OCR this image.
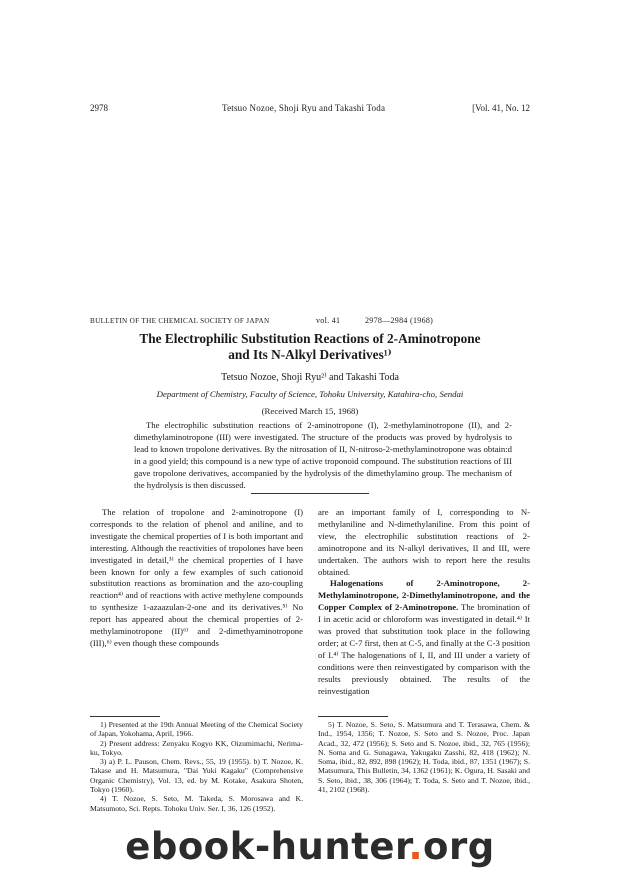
2978	Tetsuo Nozoe, Shoji Ryu and Takashi Toda	[Vol. 41, No. 12
BULLETIN OF THE CHEMICAL SOCIETY OF JAPAN	vol. 41	2978—2984 (1968)
The Electrophilic Substitution Reactions of 2-Aminotropone
and Its N-Alkyl Derivatives¹⁾
Tetsuo Nozoe, Shoji Ryu²⁾ and Takashi Toda
Department of Chemistry, Faculty of Science, Tohoku University, Katahira-cho, Sendai
(Received March 15, 1968)

The electrophilic substitution reactions of 2-aminotropone (I), 2-methylaminotropone (II), and 2-dimethylaminotropone (III) were investigated. The structure of the products was proved by hydrolysis to lead to known tropolone derivatives. By the nitrosation of II, N-nitroso-2-methylaminotropone was obtain:d in a good yield; this compound is a new type of active troponoid compound. The substitution reactions of III gave tropolone derivatives, accompanied by the hydrolysis of the dimethylamino group. The mechanism of the hydrolysis is then discussed.

The relation of tropolone and 2-aminotropone (I) corresponds to the relation of phenol and aniline, and to investigate the chemical properties of I is both important and interesting. Although the reactivities of tropolones have been investigated in detail,³⁾ the chemical properties of I have been known for only a few examples of such cationoid substitution reactions as bromination and the azo-coupling reaction⁴⁾ and of reactions with active methylene compounds to synthesize 1-azaazulan-2-one and its derivatives.⁵⁾ No report has appeared about the chemical properties of 2-methylaminotropone (II)⁶⁾ and 2-dimethyaminotropone (III),⁶⁾ even though these compounds

are an important family of I, corresponding to N-methylaniline and N-dimethylaniline. From this point of view, the electrophilic substitution reactions of 2-aminotropone and its N-alkyl derivatives, II and III, were undertaken. The authors wish to report here the results obtained.

Halogenations of 2-Aminotropone, 2-Methylaminotropone, 2-Dimethylaminotropone, and the Copper Complex of 2-Aminotropone. The bromination of I in acetic acid or chloroform was investigated in detail.⁴⁾ It was proved that substitution took place in the following order; at C-7 first, then at C-5, and finally at the C-3 position of I.⁴⁾ The halogenations of I, II, and III under a variety of conditions were then reinvestigated by comparison with the results previously obtained. The results of the reinvestigation

1) Presented at the 19th Annual Meeting of the Chemical Society of Japan, Yokohama, April, 1966.

2) Present address: Zenyaku Kogyo KK, Oizumimachi, Nerima-ku, Tokyo.

3) a) P. L. Pauson, Chem. Revs., 55, 19 (1955). b) T. Nozoe, K. Takase and H. Matsumura, "Dai Yuki Kagaku" (Comprehensive Organic Chemistry), Vol. 13, ed. by M. Kotake, Asakura Shoten, Tokyo (1960).

4) T. Nozoe, S. Seto, M. Takeda, S. Morosawa and K. Matsumoto, Sci. Repts. Tohoku Univ. Ser. I, 36, 126 (1952).

5) T. Nozoe, S. Seto, S. Matsumura and T. Terasawa, Chem. & Ind., 1954, 1356; T. Nozoe, S. Seto and S. Nozoe, Proc. Japan Acad., 32, 472 (1956); S. Seto and S. Nozoe, ibid., 32, 765 (1956); N. Soma and G. Sunagawa, Yakugaku Zasshi, 82, 418 (1962); N. Soma, ibid., 82, 892, 898 (1962); H. Toda, ibid., 87, 1351 (1967); S. Matsumura, This Bulletin, 34, 1362 (1961); K. Ogura, H. Sasaki and S. Seto, ibid., 38, 306 (1964); T. Toda, S. Seto and T. Nozoe, ibid., 41, 2102 (1968).

ebook-hunter.org
